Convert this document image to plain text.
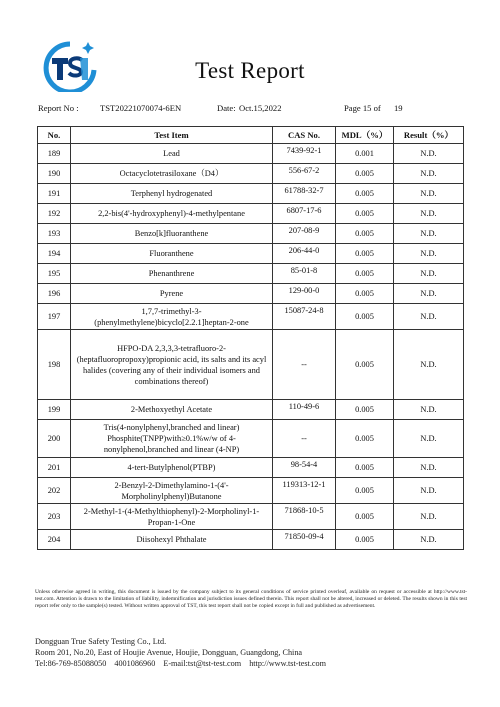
Test Report
Report No : TST20221070074-6EN	Date: Oct.15,2022	Page 15 of 19
No.	Test Item	CAS No.	MDL（%）	Result（%）
189	Lead	7439-92-1	0.001	N.D.
190	Octacyclotetrasiloxane（D4）	556-67-2	0.005	N.D.
191	Terphenyl hydrogenated	61788-32-7	0.005	N.D.
192	2,2-bis(4'-hydroxyphenyl)-4-methylpentane	6807-17-6	0.005	N.D.
193	Benzo[k]fluoranthene	207-08-9	0.005	N.D.
194	Fluoranthene	206-44-0	0.005	N.D.
195	Phenanthrene	85-01-8	0.005	N.D.
196	Pyrene	129-00-0	0.005	N.D.
197	1,7,7-trimethyl-3-(phenylmethylene)bicyclo[2.2.1]heptan-2-one	15087-24-8	0.005	N.D.
198	HFPO-DA 2,3,3,3-tetrafluoro-2-(heptafluoropropoxy)propionic acid, its salts and its acyl halides (covering any of their individual isomers and combinations thereof)	--	0.005	N.D.
199	2-Methoxyethyl Acetate	110-49-6	0.005	N.D.
200	Tris(4-nonylphenyl,branched and linear) Phosphite(TNPP)with≥0.1%w/w of 4-nonylphenol,branched and linear (4-NP)	--	0.005	N.D.
201	4-tert-Butylphenol(PTBP)	98-54-4	0.005	N.D.
202	2-Benzyl-2-Dimethylamino-1-(4'-Morpholinylphenyl)Butanone	119313-12-1	0.005	N.D.
203	2-Methyl-1-(4-Methylthiophenyl)-2-Morpholinyl-1-Propan-1-One	71868-10-5	0.005	N.D.
204	Diisohexyl Phthalate	71850-09-4	0.005	N.D.
Unless otherwise agreed in writing, this document is issued by the company subject to its general conditions of service printed overleaf, available on request or accessible at http://www.tst-test.com. Attention is drawn to the limitation of liability, indemnification and jurisdiction issues defined therein. This report shall not be altered, increased or deleted. The results shown in this test report refer only to the sample(s) tested. Without written approval of TST, this test report shall not be copied except in full and published as advertisement.
Dongguan True Safety Testing Co., Ltd.
Room 201, No.20, East of Houjie Avenue, Houjie, Dongguan, Guangdong, China
Tel:86-769-85088050 4001086960 E-mail:tst@tst-test.com http://www.tst-test.com
